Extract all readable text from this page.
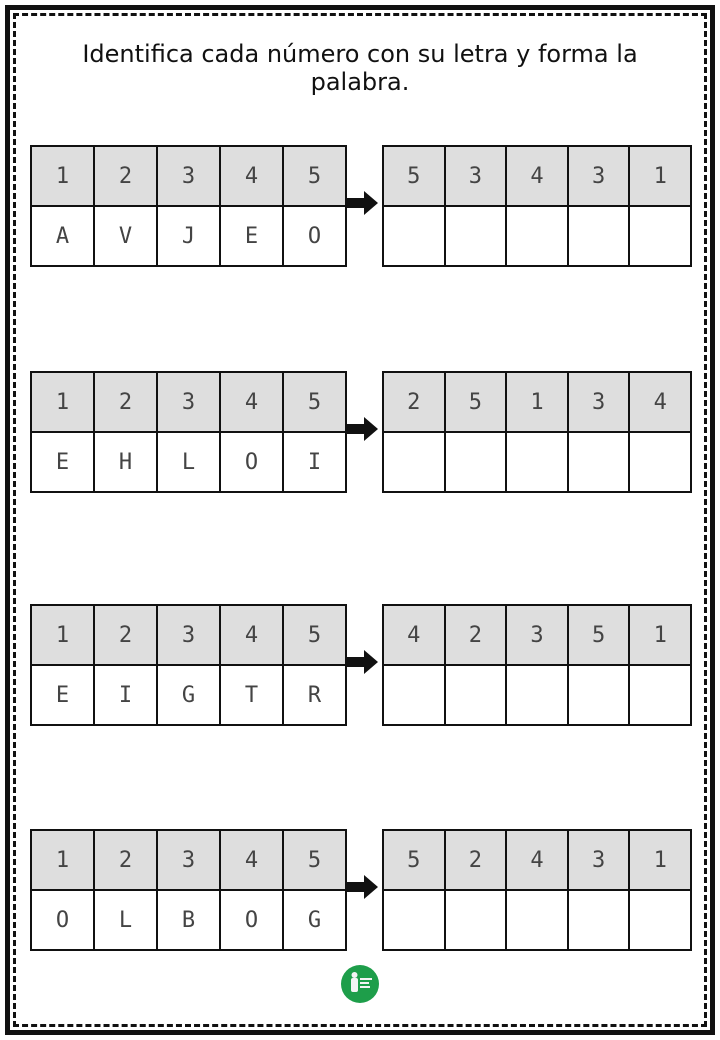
Identifica cada número con su letra y forma la palabra.
1	2	3	4	5
A	V	J	E	O
5	3	4	3	1

1	2	3	4	5
E	H	L	O	I
2	5	1	3	4

1	2	3	4	5
E	I	G	T	R
4	2	3	5	1

1	2	3	4	5
O	L	B	O	G
5	2	4	3	1
